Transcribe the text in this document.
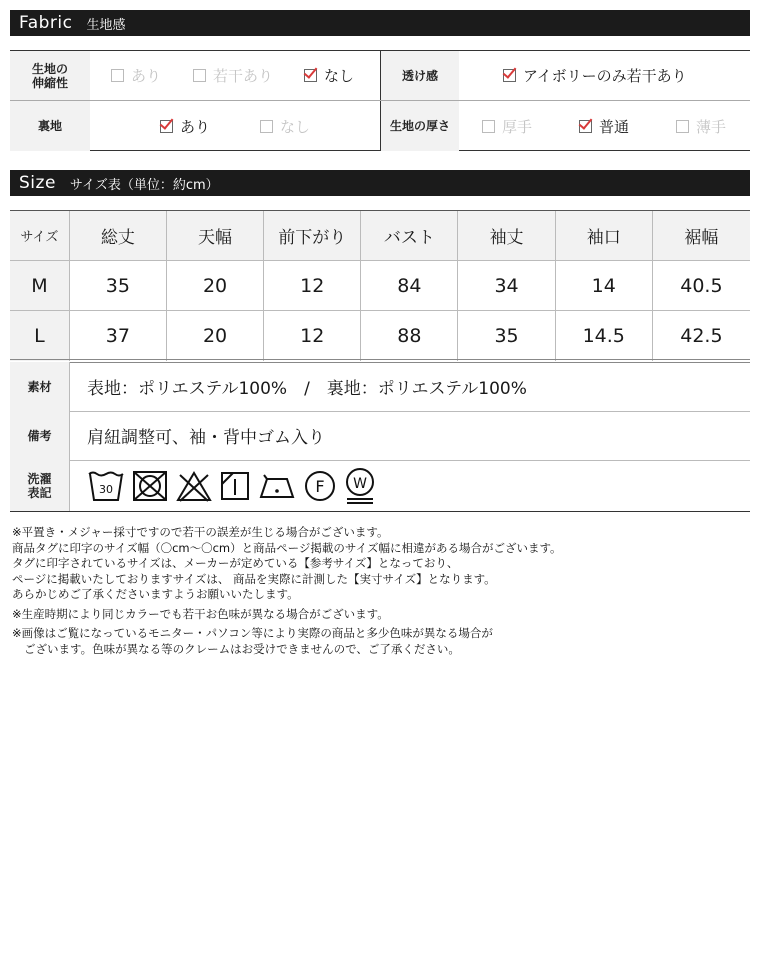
Fabric 生地感
生地の
伸縮性	あり	若干あり	なし	透け感	アイボリーのみ若干あり
裏地	あり	なし	生地の厚さ	厚手	普通	薄手
Size サイズ表（単位：約cm）
サイズ	総丈	天幅	前下がり	バスト	袖丈	袖口	裾幅
M	35	20	12	84	34	14	40.5
L	37	20	12	88	35	14.5	42.5
素材	表地：ポリエステル100%　/　裏地：ポリエステル100%
備考	肩紐調整可、袖・背中ゴム入り
洗濯
表記	30	F W

※平置き・メジャー採寸ですので若干の誤差が生じる場合がございます。

商品タグに印字のサイズ幅（〇cm〜〇cm）と商品ページ掲載のサイズ幅に相違がある場合がございます。

タグに印字されているサイズは、メーカーが定めている【参考サイズ】となっており、

ページに掲載いたしておりますサイズは、 商品を実際に計測した【実寸サイズ】となります。

あらかじめご了承くださいますようお願いいたします。

※生産時期により同じカラーでも若干お色味が異なる場合がございます。

※画像はご覧になっているモニター・パソコン等により実際の商品と多少色味が異なる場合が

ございます。色味が異なる等のクレームはお受けできませんので、ご了承ください。
